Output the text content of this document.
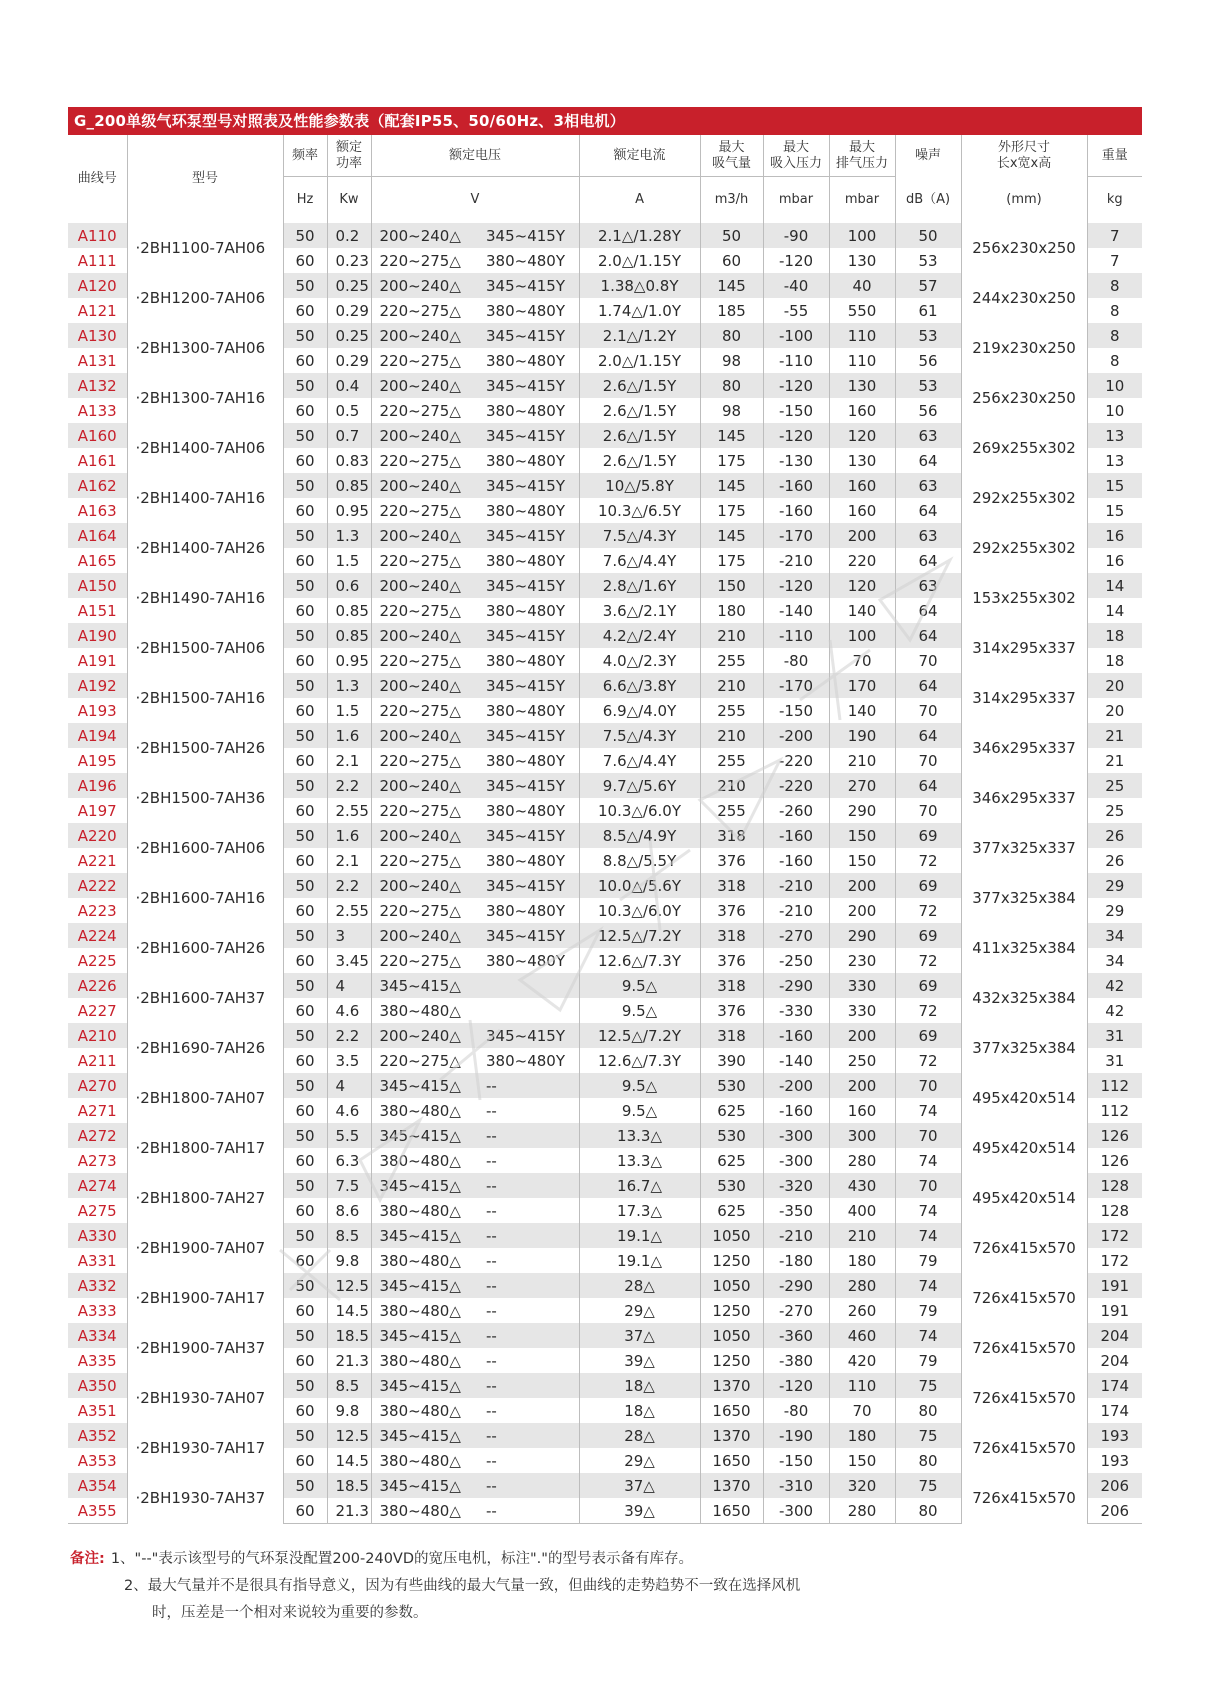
G_200单级气环泵型号对照表及性能参数表（配套IP55、50/60Hz、3相电机）
曲线号	型号	频率	额定
功率	额定电压		额定电流	最大
吸气量	最大
吸入压力	最大
排气压力	噪声	外形尺寸
长x宽x高	重量
		Hz	Kw	V		A	m3/h	mbar	mbar	dB（A)	(mm)	kg
A110	·2BH1100-7AH06	50	0.2	200~240△	345~415Y	2.1△/1.28Y	50	-90	100	50	256x230x250	7
A111		60	0.23	220~275△	380~480Y	2.0△/1.15Y	60	-120	130	53		7
A120	·2BH1200-7AH06	50	0.25	200~240△	345~415Y	1.38△0.8Y	145	-40	40	57	244x230x250	8
A121		60	0.29	220~275△	380~480Y	1.74△/1.0Y	185	-55	550	61		8
A130	·2BH1300-7AH06	50	0.25	200~240△	345~415Y	2.1△/1.2Y	80	-100	110	53	219x230x250	8
A131		60	0.29	220~275△	380~480Y	2.0△/1.15Y	98	-110	110	56		8
A132	·2BH1300-7AH16	50	0.4	200~240△	345~415Y	2.6△/1.5Y	80	-120	130	53	256x230x250	10
A133		60	0.5	220~275△	380~480Y	2.6△/1.5Y	98	-150	160	56		10
A160	·2BH1400-7AH06	50	0.7	200~240△	345~415Y	2.6△/1.5Y	145	-120	120	63	269x255x302	13
A161		60	0.83	220~275△	380~480Y	2.6△/1.5Y	175	-130	130	64		13
A162	·2BH1400-7AH16	50	0.85	200~240△	345~415Y	10△/5.8Y	145	-160	160	63	292x255x302	15
A163		60	0.95	220~275△	380~480Y	10.3△/6.5Y	175	-160	160	64		15
A164	·2BH1400-7AH26	50	1.3	200~240△	345~415Y	7.5△/4.3Y	145	-170	200	63	292x255x302	16
A165		60	1.5	220~275△	380~480Y	7.6△/4.4Y	175	-210	220	64		16
A150	·2BH1490-7AH16	50	0.6	200~240△	345~415Y	2.8△/1.6Y	150	-120	120	63	153x255x302	14
A151		60	0.85	220~275△	380~480Y	3.6△/2.1Y	180	-140	140	64		14
A190	·2BH1500-7AH06	50	0.85	200~240△	345~415Y	4.2△/2.4Y	210	-110	100	64	314x295x337	18
A191		60	0.95	220~275△	380~480Y	4.0△/2.3Y	255	-80	70	70		18
A192	·2BH1500-7AH16	50	1.3	200~240△	345~415Y	6.6△/3.8Y	210	-170	170	64	314x295x337	20
A193		60	1.5	220~275△	380~480Y	6.9△/4.0Y	255	-150	140	70		20
A194	·2BH1500-7AH26	50	1.6	200~240△	345~415Y	7.5△/4.3Y	210	-200	190	64	346x295x337	21
A195		60	2.1	220~275△	380~480Y	7.6△/4.4Y	255	-220	210	70		21
A196	·2BH1500-7AH36	50	2.2	200~240△	345~415Y	9.7△/5.6Y	210	-220	270	64	346x295x337	25
A197		60	2.55	220~275△	380~480Y	10.3△/6.0Y	255	-260	290	70		25
A220	·2BH1600-7AH06	50	1.6	200~240△	345~415Y	8.5△/4.9Y	318	-160	150	69	377x325x337	26
A221		60	2.1	220~275△	380~480Y	8.8△/5.5Y	376	-160	150	72		26
A222	·2BH1600-7AH16	50	2.2	200~240△	345~415Y	10.0△/5.6Y	318	-210	200	69	377x325x384	29
A223		60	2.55	220~275△	380~480Y	10.3△/6.0Y	376	-210	200	72		29
A224	·2BH1600-7AH26	50	3	200~240△	345~415Y	12.5△/7.2Y	318	-270	290	69	411x325x384	34
A225		60	3.45	220~275△	380~480Y	12.6△/7.3Y	376	-250	230	72		34
A226	·2BH1600-7AH37	50	4	345~415△		9.5△	318	-290	330	69	432x325x384	42
A227		60	4.6	380~480△		9.5△	376	-330	330	72		42
A210	·2BH1690-7AH26	50	2.2	200~240△	345~415Y	12.5△/7.2Y	318	-160	200	69	377x325x384	31
A211		60	3.5	220~275△	380~480Y	12.6△/7.3Y	390	-140	250	72		31
A270	·2BH1800-7AH07	50	4	345~415△	--	9.5△	530	-200	200	70	495x420x514	112
A271		60	4.6	380~480△	--	9.5△	625	-160	160	74		112
A272	·2BH1800-7AH17	50	5.5	345~415△	--	13.3△	530	-300	300	70	495x420x514	126
A273		60	6.3	380~480△	--	13.3△	625	-300	280	74		126
A274	·2BH1800-7AH27	50	7.5	345~415△	--	16.7△	530	-320	430	70	495x420x514	128
A275		60	8.6	380~480△	--	17.3△	625	-350	400	74		128
A330	·2BH1900-7AH07	50	8.5	345~415△	--	19.1△	1050	-210	210	74	726x415x570	172
A331		60	9.8	380~480△	--	19.1△	1250	-180	180	79		172
A332	·2BH1900-7AH17	50	12.5	345~415△	--	28△	1050	-290	280	74	726x415x570	191
A333		60	14.5	380~480△	--	29△	1250	-270	260	79		191
A334	·2BH1900-7AH37	50	18.5	345~415△	--	37△	1050	-360	460	74	726x415x570	204
A335		60	21.3	380~480△	--	39△	1250	-380	420	79		204
A350	·2BH1930-7AH07	50	8.5	345~415△	--	18△	1370	-120	110	75	726x415x570	174
A351		60	9.8	380~480△	--	18△	1650	-80	70	80		174
A352	·2BH1930-7AH17	50	12.5	345~415△	--	28△	1370	-190	180	75	726x415x570	193
A353		60	14.5	380~480△	--	29△	1650	-150	150	80		193
A354	·2BH1930-7AH37	50	18.5	345~415△	--	37△	1370	-310	320	75	726x415x570	206
A355		60	21.3	380~480△	--	39△	1650	-300	280	80		206
备注: 1、"--"表示该型号的气环泵没配置200-240VD的宽压电机，标注"."的型号表示备有库存。
2、最大气量并不是很具有指导意义，因为有些曲线的最大气量一致，但曲线的走势趋势不一致在选择风机
时，压差是一个相对来说较为重要的参数。
